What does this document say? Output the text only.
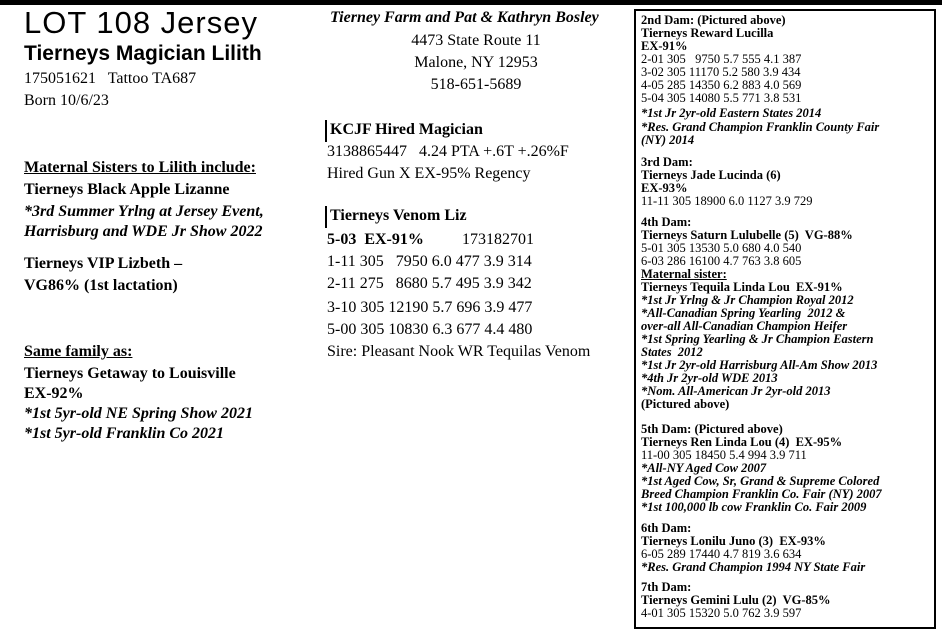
LOT 108 Jersey
Tierneys Magician Lilith
175051621   Tattoo TA687
Born 10/6/23
Maternal Sisters to Lilith include:
Tierneys Black Apple Lizanne
*3rd Summer Yrlng at Jersey Event,
Harrisburg and WDE Jr Show 2022
Tierneys VIP Lizbeth –
VG86% (1st lactation)
Same family as:
Tierneys Getaway to Louisville
EX-92%
*1st 5yr-old NE Spring Show 2021
*1st 5yr-old Franklin Co 2021
Tierney Farm and Pat & Kathryn Bosley
4473 State Route 11
Malone, NY 12953
518-651-5689
KCJF Hired Magician
3138865447   4.24 PTA +.6T +.26%F
Hired Gun X EX-95% Regency
Tierneys Venom Liz
5-03  EX-91% 173182701
1-11 305   7950 6.0 477 3.9 314
2-11 275   8680 5.7 495 3.9 342
3-10 305 12190 5.7 696 3.9 477
5-00 305 10830 6.3 677 4.4 480
Sire: Pleasant Nook WR Tequilas Venom
2nd Dam: (Pictured above)
Tierneys Reward Lucilla
EX-91%
2-01 305   9750 5.7 555 4.1 387
3-02 305 11170 5.2 580 3.9 434
4-05 285 14350 6.2 883 4.0 569
5-04 305 14080 5.5 771 3.8 531
*1st Jr 2yr-old Eastern States 2014
*Res. Grand Champion Franklin County Fair
(NY) 2014
3rd Dam:
Tierneys Jade Lucinda (6)
EX-93%
11-11 305 18900 6.0 1127 3.9 729
4th Dam:
Tierneys Saturn Lulubelle (5)  VG-88%
5-01 305 13530 5.0 680 4.0 540
6-03 286 16100 4.7 763 3.8 605
Maternal sister:
Tierneys Tequila Linda Lou  EX-91%
*1st Jr Yrlng & Jr Champion Royal 2012
*All-Canadian Spring Yearling  2012 &
over-all All-Canadian Champion Heifer
*1st Spring Yearling & Jr Champion Eastern
States  2012
*1st Jr 2yr-old Harrisburg All-Am Show 2013
*4th Jr 2yr-old WDE 2013
*Nom. All-American Jr 2yr-old 2013
(Pictured above)
5th Dam: (Pictured above)
Tierneys Ren Linda Lou (4)  EX-95%
11-00 305 18450 5.4 994 3.9 711
*All-NY Aged Cow 2007
*1st Aged Cow, Sr, Grand & Supreme Colored
Breed Champion Franklin Co. Fair (NY) 2007
*1st 100,000 lb cow Franklin Co. Fair 2009
6th Dam:
Tierneys Lonilu Juno (3)  EX-93%
6-05 289 17440 4.7 819 3.6 634
*Res. Grand Champion 1994 NY State Fair
7th Dam:
Tierneys Gemini Lulu (2)  VG-85%
4-01 305 15320 5.0 762 3.9 597
